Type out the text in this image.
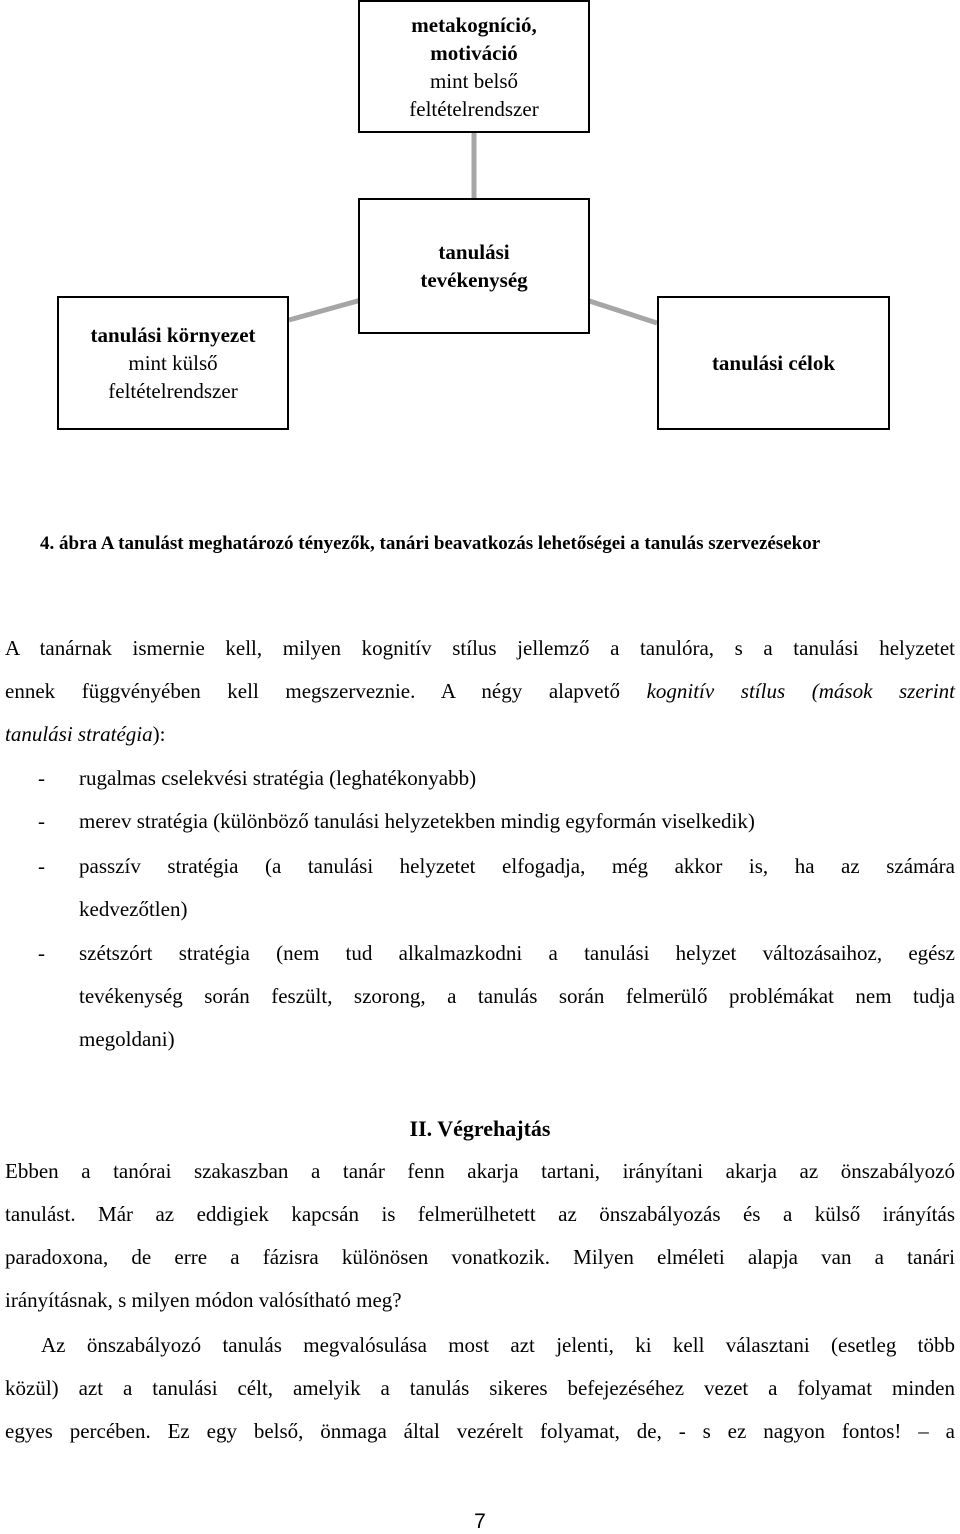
metakogníció,
motiváció
mint belső
feltételrendszer
tanulási
tevékenység
tanulási környezet
mint külső
feltételrendszer
tanulási célok
4. ábra A tanulást meghatározó tényezők, tanári beavatkozás lehetőségei a tanulás szervezésekor
A tanárnak ismernie kell, milyen kognitív stílus jellemző a tanulóra, s a tanulási helyzetet
ennek függvényében kell megszerveznie. A négy alapvető kognitív stílus (mások szerint
tanulási stratégia):
- rugalmas cselekvési stratégia (leghatékonyabb)
- merev stratégia (különböző tanulási helyzetekben mindig egyformán viselkedik)
- passzív stratégia (a tanulási helyzetet elfogadja, még akkor is, ha az számára
kedvezőtlen)
- szétszórt stratégia (nem tud alkalmazkodni a tanulási helyzet változásaihoz, egész
tevékenység során feszült, szorong, a tanulás során felmerülő problémákat nem tudja
megoldani)
II. Végrehajtás
Ebben a tanórai szakaszban a tanár fenn akarja tartani, irányítani akarja az önszabályozó
tanulást. Már az eddigiek kapcsán is felmerülhetett az önszabályozás és a külső irányítás
paradoxona, de erre a fázisra különösen vonatkozik. Milyen elméleti alapja van a tanári
irányításnak, s milyen módon valósítható meg?
Az önszabályozó tanulás megvalósulása most azt jelenti, ki kell választani (esetleg több
közül) azt a tanulási célt, amelyik a tanulás sikeres befejezéséhez vezet a folyamat minden
egyes percében. Ez egy belső, önmaga által vezérelt folyamat, de, - s ez nagyon fontos! – a
7
